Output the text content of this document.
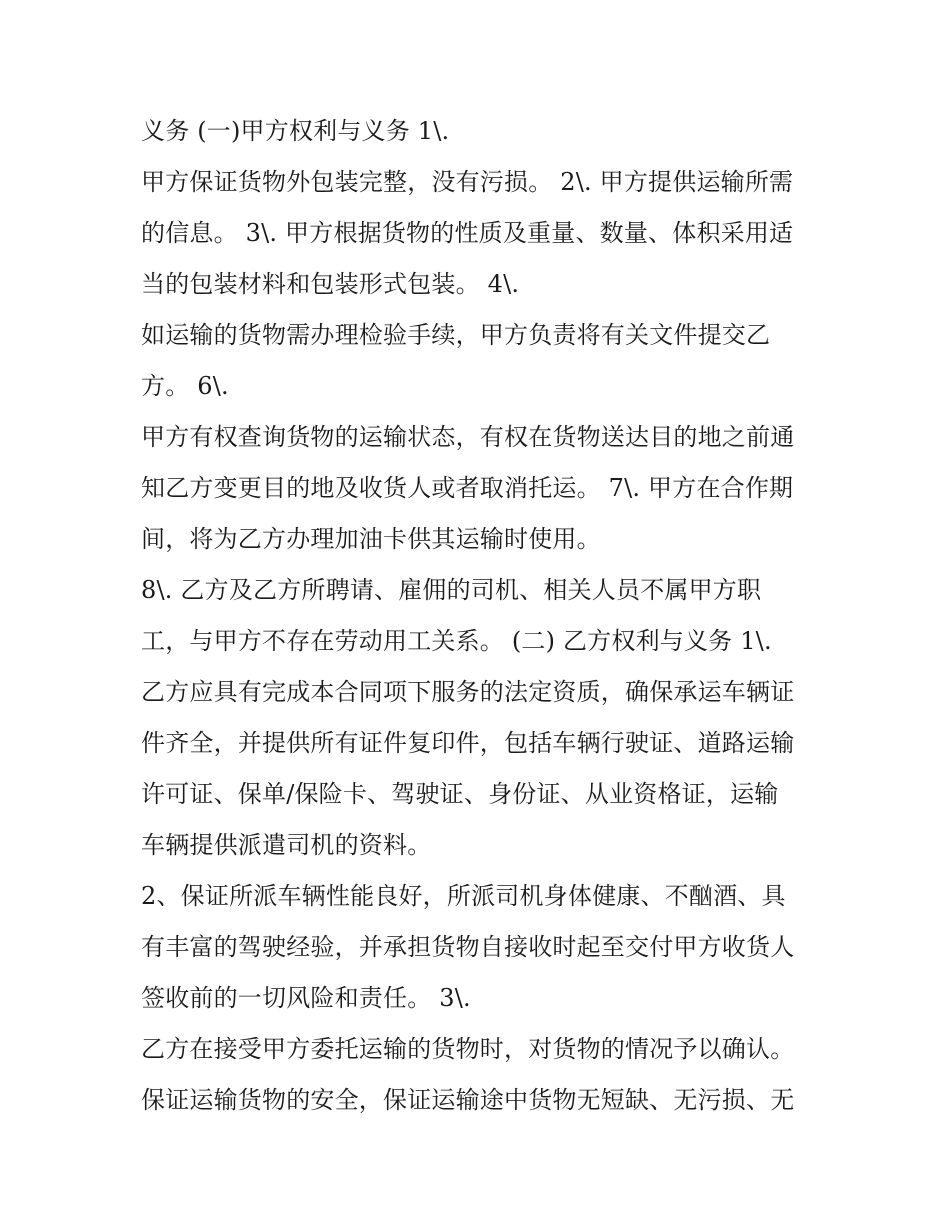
义务 (一)甲方权利与义务 1\.
甲方保证货物外包装完整，没有污损。 2\. 甲方提供运输所需
的信息。 3\. 甲方根据货物的性质及重量、数量、体积采用适
当的包装材料和包装形式包装。 4\.
如运输的货物需办理检验手续，甲方负责将有关文件提交乙
方。 6\.
甲方有权查询货物的运输状态，有权在货物送达目的地之前通
知乙方变更目的地及收货人或者取消托运。 7\. 甲方在合作期
间，将为乙方办理加油卡供其运输时使用。
8\. 乙方及乙方所聘请、雇佣的司机、相关人员不属甲方职
工，与甲方不存在劳动用工关系。 (二) 乙方权利与义务 1\.
乙方应具有完成本合同项下服务的法定资质，确保承运车辆证
件齐全，并提供所有证件复印件，包括车辆行驶证、道路运输
许可证、保单/保险卡、驾驶证、身份证、从业资格证，运输
车辆提供派遣司机的资料。
2、保证所派车辆性能良好，所派司机身体健康、不酗酒、具
有丰富的驾驶经验，并承担货物自接收时起至交付甲方收货人
签收前的一切风险和责任。 3\.
乙方在接受甲方委托运输的货物时，对货物的情况予以确认。
保证运输货物的安全，保证运输途中货物无短缺、无污损、无
